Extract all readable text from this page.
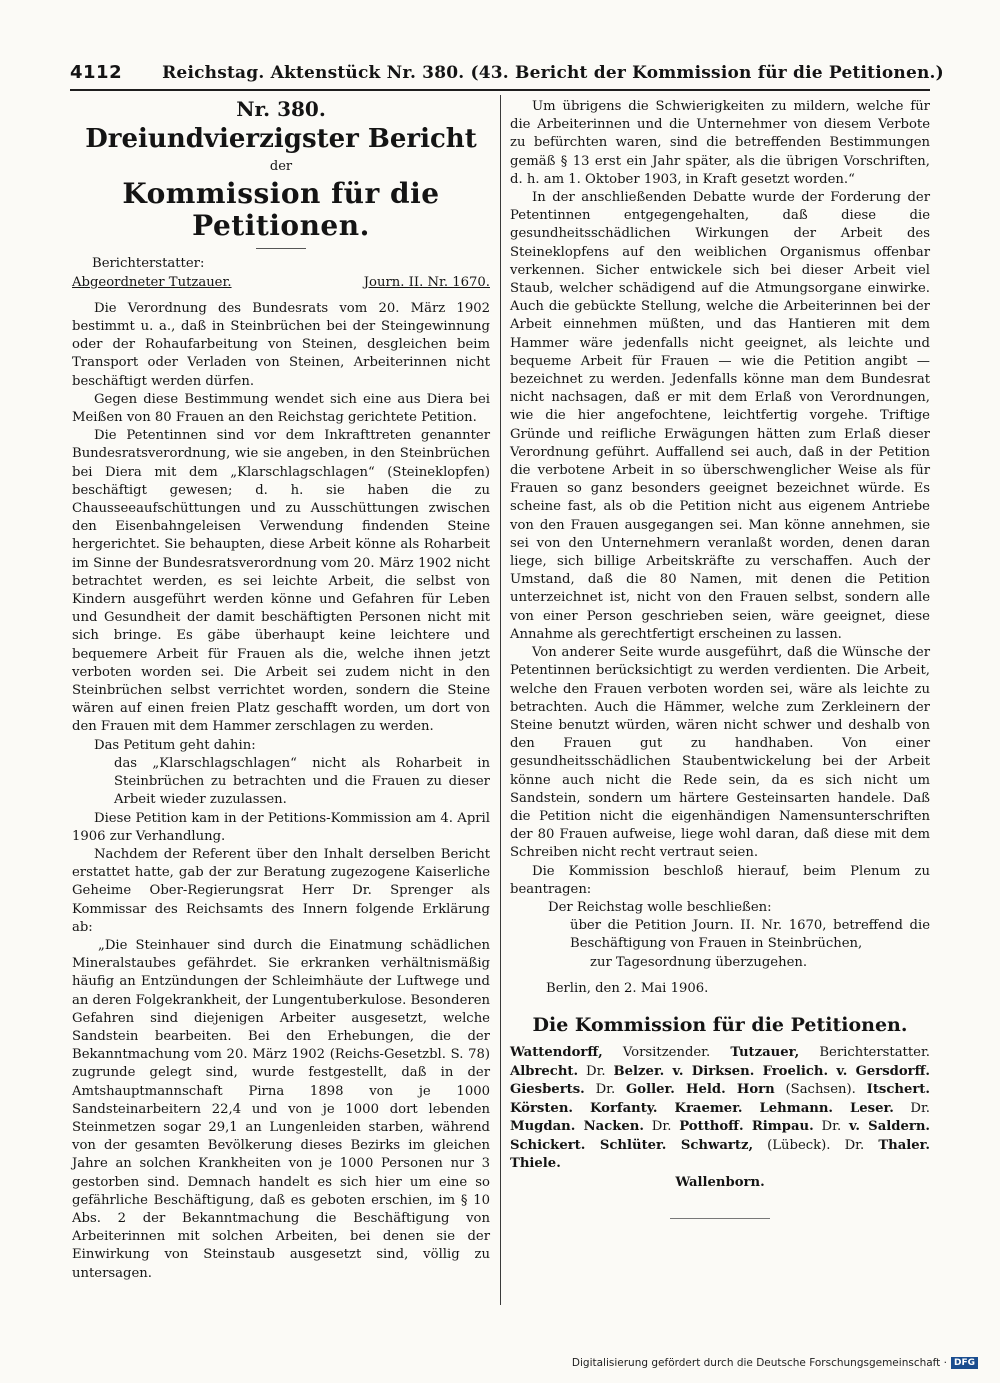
4112 Reichstag. Aktenstück Nr. 380. (43. Bericht der Kommission für die Petitionen.)
Nr. 380.
Dreiundvierzigster Bericht
der
Kommission für die Petitionen.
Berichterstatter:
Abgeordneter Tutzauer.	Journ. II. Nr. 1670.

Die Verordnung des Bundesrats vom 20. März 1902 bestimmt u. a., daß in Steinbrüchen bei der Steingewinnung oder der Rohaufarbeitung von Steinen, desgleichen beim Transport oder Verladen von Steinen, Arbeiterinnen nicht beschäftigt werden dürfen.

Gegen diese Bestimmung wendet sich eine aus Diera bei Meißen von 80 Frauen an den Reichstag gerichtete Petition.

Die Petentinnen sind vor dem Inkrafttreten genannter Bundesratsverordnung, wie sie angeben, in den Steinbrüchen bei Diera mit dem „Klarschlagschlagen“ (Steineklopfen) beschäftigt gewesen; d. h. sie haben die zu Chausseeaufschüttungen und zu Ausschüttungen zwischen den Eisenbahngeleisen Verwendung findenden Steine hergerichtet. Sie behaupten, diese Arbeit könne als Roharbeit im Sinne der Bundesratsverordnung vom 20. März 1902 nicht betrachtet werden, es sei leichte Arbeit, die selbst von Kindern ausgeführt werden könne und Gefahren für Leben und Gesundheit der damit beschäftigten Personen nicht mit sich bringe. Es gäbe überhaupt keine leichtere und bequemere Arbeit für Frauen als die, welche ihnen jetzt verboten worden sei. Die Arbeit sei zudem nicht in den Steinbrüchen selbst verrichtet worden, sondern die Steine wären auf einen freien Platz geschafft worden, um dort von den Frauen mit dem Hammer zerschlagen zu werden.

Das Petitum geht dahin:

das „Klarschlagschlagen“ nicht als Roharbeit in Steinbrüchen zu betrachten und die Frauen zu dieser Arbeit wieder zuzulassen.

Diese Petition kam in der Petitions-Kommission am 4. April 1906 zur Verhandlung.

Nachdem der Referent über den Inhalt derselben Bericht erstattet hatte, gab der zur Beratung zugezogene Kaiserliche Geheime Ober-Regierungsrat Herr Dr. Sprenger als Kommissar des Reichsamts des Innern folgende Erklärung ab:

„Die Steinhauer sind durch die Einatmung schädlichen Mineralstaubes gefährdet. Sie erkranken verhältnismäßig häufig an Entzündungen der Schleimhäute der Luftwege und an deren Folgekrankheit, der Lungentuberkulose. Besonderen Gefahren sind diejenigen Arbeiter ausgesetzt, welche Sandstein bearbeiten. Bei den Erhebungen, die der Bekanntmachung vom 20. März 1902 (Reichs-Gesetzbl. S. 78) zugrunde gelegt sind, wurde festgestellt, daß in der Amtshauptmannschaft Pirna 1898 von je 1000 Sandsteinarbeitern 22,4 und von je 1000 dort lebenden Steinmetzen sogar 29,1 an Lungenleiden starben, während von der gesamten Bevölkerung dieses Bezirks im gleichen Jahre an solchen Krankheiten von je 1000 Personen nur 3 gestorben sind. Demnach handelt es sich hier um eine so gefährliche Beschäftigung, daß es geboten erschien, im § 10 Abs. 2 der Bekanntmachung die Beschäftigung von Arbeiterinnen mit solchen Arbeiten, bei denen sie der Einwirkung von Steinstaub ausgesetzt sind, völlig zu untersagen.

Um übrigens die Schwierigkeiten zu mildern, welche für die Arbeiterinnen und die Unternehmer von diesem Verbote zu befürchten waren, sind die betreffenden Bestimmungen gemäß § 13 erst ein Jahr später, als die übrigen Vorschriften, d. h. am 1. Oktober 1903, in Kraft gesetzt worden.“

In der anschließenden Debatte wurde der Forderung der Petentinnen entgegengehalten, daß diese die gesundheitsschädlichen Wirkungen der Arbeit des Steineklopfens auf den weiblichen Organismus offenbar verkennen. Sicher entwickele sich bei dieser Arbeit viel Staub, welcher schädigend auf die Atmungsorgane einwirke. Auch die gebückte Stellung, welche die Arbeiterinnen bei der Arbeit einnehmen müßten, und das Hantieren mit dem Hammer wäre jedenfalls nicht geeignet, als leichte und bequeme Arbeit für Frauen — wie die Petition angibt — bezeichnet zu werden. Jedenfalls könne man dem Bundesrat nicht nachsagen, daß er mit dem Erlaß von Verordnungen, wie die hier angefochtene, leichtfertig vorgehe. Triftige Gründe und reifliche Erwägungen hätten zum Erlaß dieser Verordnung geführt. Auffallend sei auch, daß in der Petition die verbotene Arbeit in so überschwenglicher Weise als für Frauen so ganz besonders geeignet bezeichnet würde. Es scheine fast, als ob die Petition nicht aus eigenem Antriebe von den Frauen ausgegangen sei. Man könne annehmen, sie sei von den Unternehmern veranlaßt worden, denen daran liege, sich billige Arbeitskräfte zu verschaffen. Auch der Umstand, daß die 80 Namen, mit denen die Petition unterzeichnet ist, nicht von den Frauen selbst, sondern alle von einer Person geschrieben seien, wäre geeignet, diese Annahme als gerechtfertigt erscheinen zu lassen.

Von anderer Seite wurde ausgeführt, daß die Wünsche der Petentinnen berücksichtigt zu werden verdienten. Die Arbeit, welche den Frauen verboten worden sei, wäre als leichte zu betrachten. Auch die Hämmer, welche zum Zerkleinern der Steine benutzt würden, wären nicht schwer und deshalb von den Frauen gut zu handhaben. Von einer gesundheitsschädlichen Staubentwickelung bei der Arbeit könne auch nicht die Rede sein, da es sich nicht um Sandstein, sondern um härtere Gesteinsarten handele. Daß die Petition nicht die eigenhändigen Namensunterschriften der 80 Frauen aufweise, liege wohl daran, daß diese mit dem Schreiben nicht recht vertraut seien.

Die Kommission beschloß hierauf, beim Plenum zu beantragen:

Der Reichstag wolle beschließen:

über die Petition Journ. II. Nr. 1670, betreffend die Beschäftigung von Frauen in Steinbrüchen,

zur Tagesordnung überzugehen.

Berlin, den 2. Mai 1906.

Die Kommission für die Petitionen.
Wattendorff, Vorsitzender. Tutzauer, Berichterstatter. Albrecht. Dr. Belzer. v. Dirksen. Froelich. v. Gersdorff. Giesberts. Dr. Goller. Held. Horn (Sachsen). Itschert. Körsten. Korfanty. Kraemer. Lehmann. Leser. Dr. Mugdan. Nacken. Dr. Potthoff. Rimpau. Dr. v. Saldern. Schickert. Schlüter. Schwartz, (Lübeck). Dr. Thaler. Thiele.
Wallenborn.
Digitalisierung gefördert durch die Deutsche Forschungsgemeinschaft · DFG
